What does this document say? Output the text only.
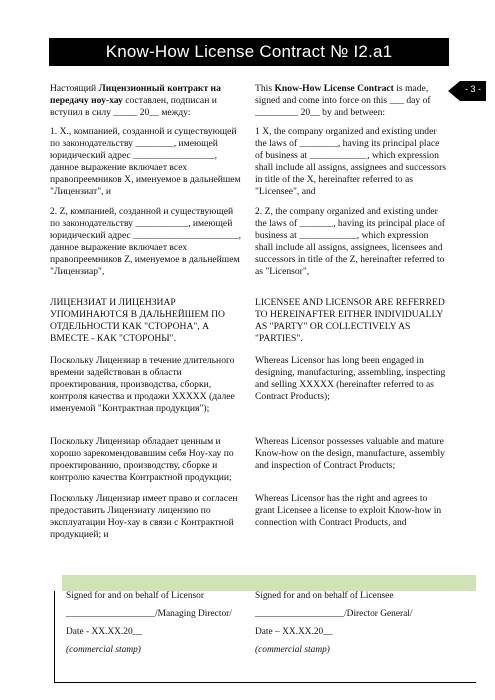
Know-How License Contract № I2.a1
- 3 -
Настоящий Лицензионный контракт на передачу ноу-хау составлен, подписан и вступил в силу _____ 20__ между:
1. X., компанией, созданной и существующей по законодательству ________, имеющей юридический адрес _________________, данное выражение включает всех правопреемников X, именуемое в дальнейшем "Лицензиат", и
2. Z, компанией, созданной и существующей по законодательству ___________, имеющей юридический адрес ______________________, данное выражение включает всех правопреемников Z, именуемое в дальнейшем "Лицензиар",
ЛИЦЕНЗИАТ И ЛИЦЕНЗИАР УПОМИНАЮТСЯ В ДАЛЬНЕЙШЕМ ПО ОТДЕЛЬНОСТИ КАК "СТОРОНА", А ВМЕСТЕ - КАК "СТОРОНЫ".
Поскольку Лицензиар в течение длительного времени задействован в области проектирования, производства, сборки, контроля качества и продажи XXXXX (далее именуемой "Контрактная продукция");
Поскольку Лицензиар обладает ценным и хорошо зарекомендовавшим себя Ноу-хау по проектированию, производству, сборке и контролю качества Контрактной продукции;
Поскольку Лицензиар имеет право и согласен предоставить Лицензиату лицензию по эксплуатации Ноу-хау в связи с Контрактной продукцией; и
This Know-How License Contract is made, signed and come into force on this ___ day of _________ 20__ by and between:
1 X, the company organized and existing under the laws of ________, having its principal place of business at ____________, which expression shall include all assigns, assignees and successors in title of the X, hereinafter referred to as "Licensee", and
2. Z, the company organized and existing under the laws of _______, having its principal place of business at ____________, which expression shall include all assigns, assignees, licensees and successors in title of the Z, hereinafter referred to as "Licensor",
LICENSEE AND LICENSOR ARE REFERRED TO HEREINAFTER EITHER INDIVIDUALLY AS "PARTY" OR COLLECTIVELY AS "PARTIES".
Whereas Licensor has long been engaged in designing, manufacturing, assembling, inspecting and selling XXXXX (hereinafter referred to as Contract Products);
Whereas Licensor possesses valuable and mature Know-how on the design, manufacture, assembly and inspection of Contract Products;
Whereas Licensor has the right and agrees to grant Licensee a license to exploit Know-how in connection with Contract Products, and
Signed for and on behalf of Licensor
___________________/Managing Director/
Date - XX.XX.20__
(commercial stamp)
Signed for and on behalf of Licensee
___________________/Director General/
Date – XX.XX.20__
(commercial stamp)
